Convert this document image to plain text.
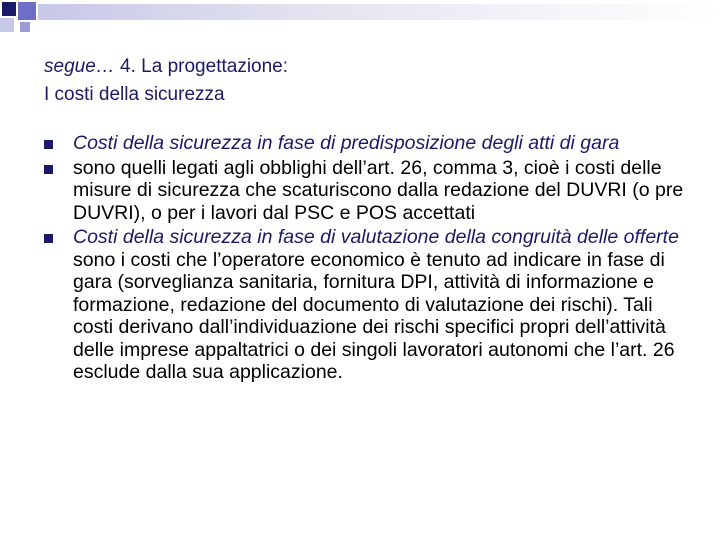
segue… 4. La progettazione:
I costi della sicurezza
Costi della sicurezza in fase di predisposizione degli atti di gara
sono quelli legati agli obblighi dell’art. 26, comma 3, cioè i costi delle misure di sicurezza che scaturiscono dalla redazione del DUVRI (o pre DUVRI), o per i lavori dal PSC e POS accettati
Costi della sicurezza in fase di valutazione della congruità delle offerte sono i costi che l’operatore economico è tenuto ad indicare in fase di gara (sorveglianza sanitaria, fornitura DPI, attività di informazione e formazione, redazione del documento di valutazione dei rischi). Tali costi derivano dall’individuazione dei rischi specifici propri dell’attività delle imprese appaltatrici o dei singoli lavoratori autonomi che l’art. 26 esclude dalla sua applicazione.
